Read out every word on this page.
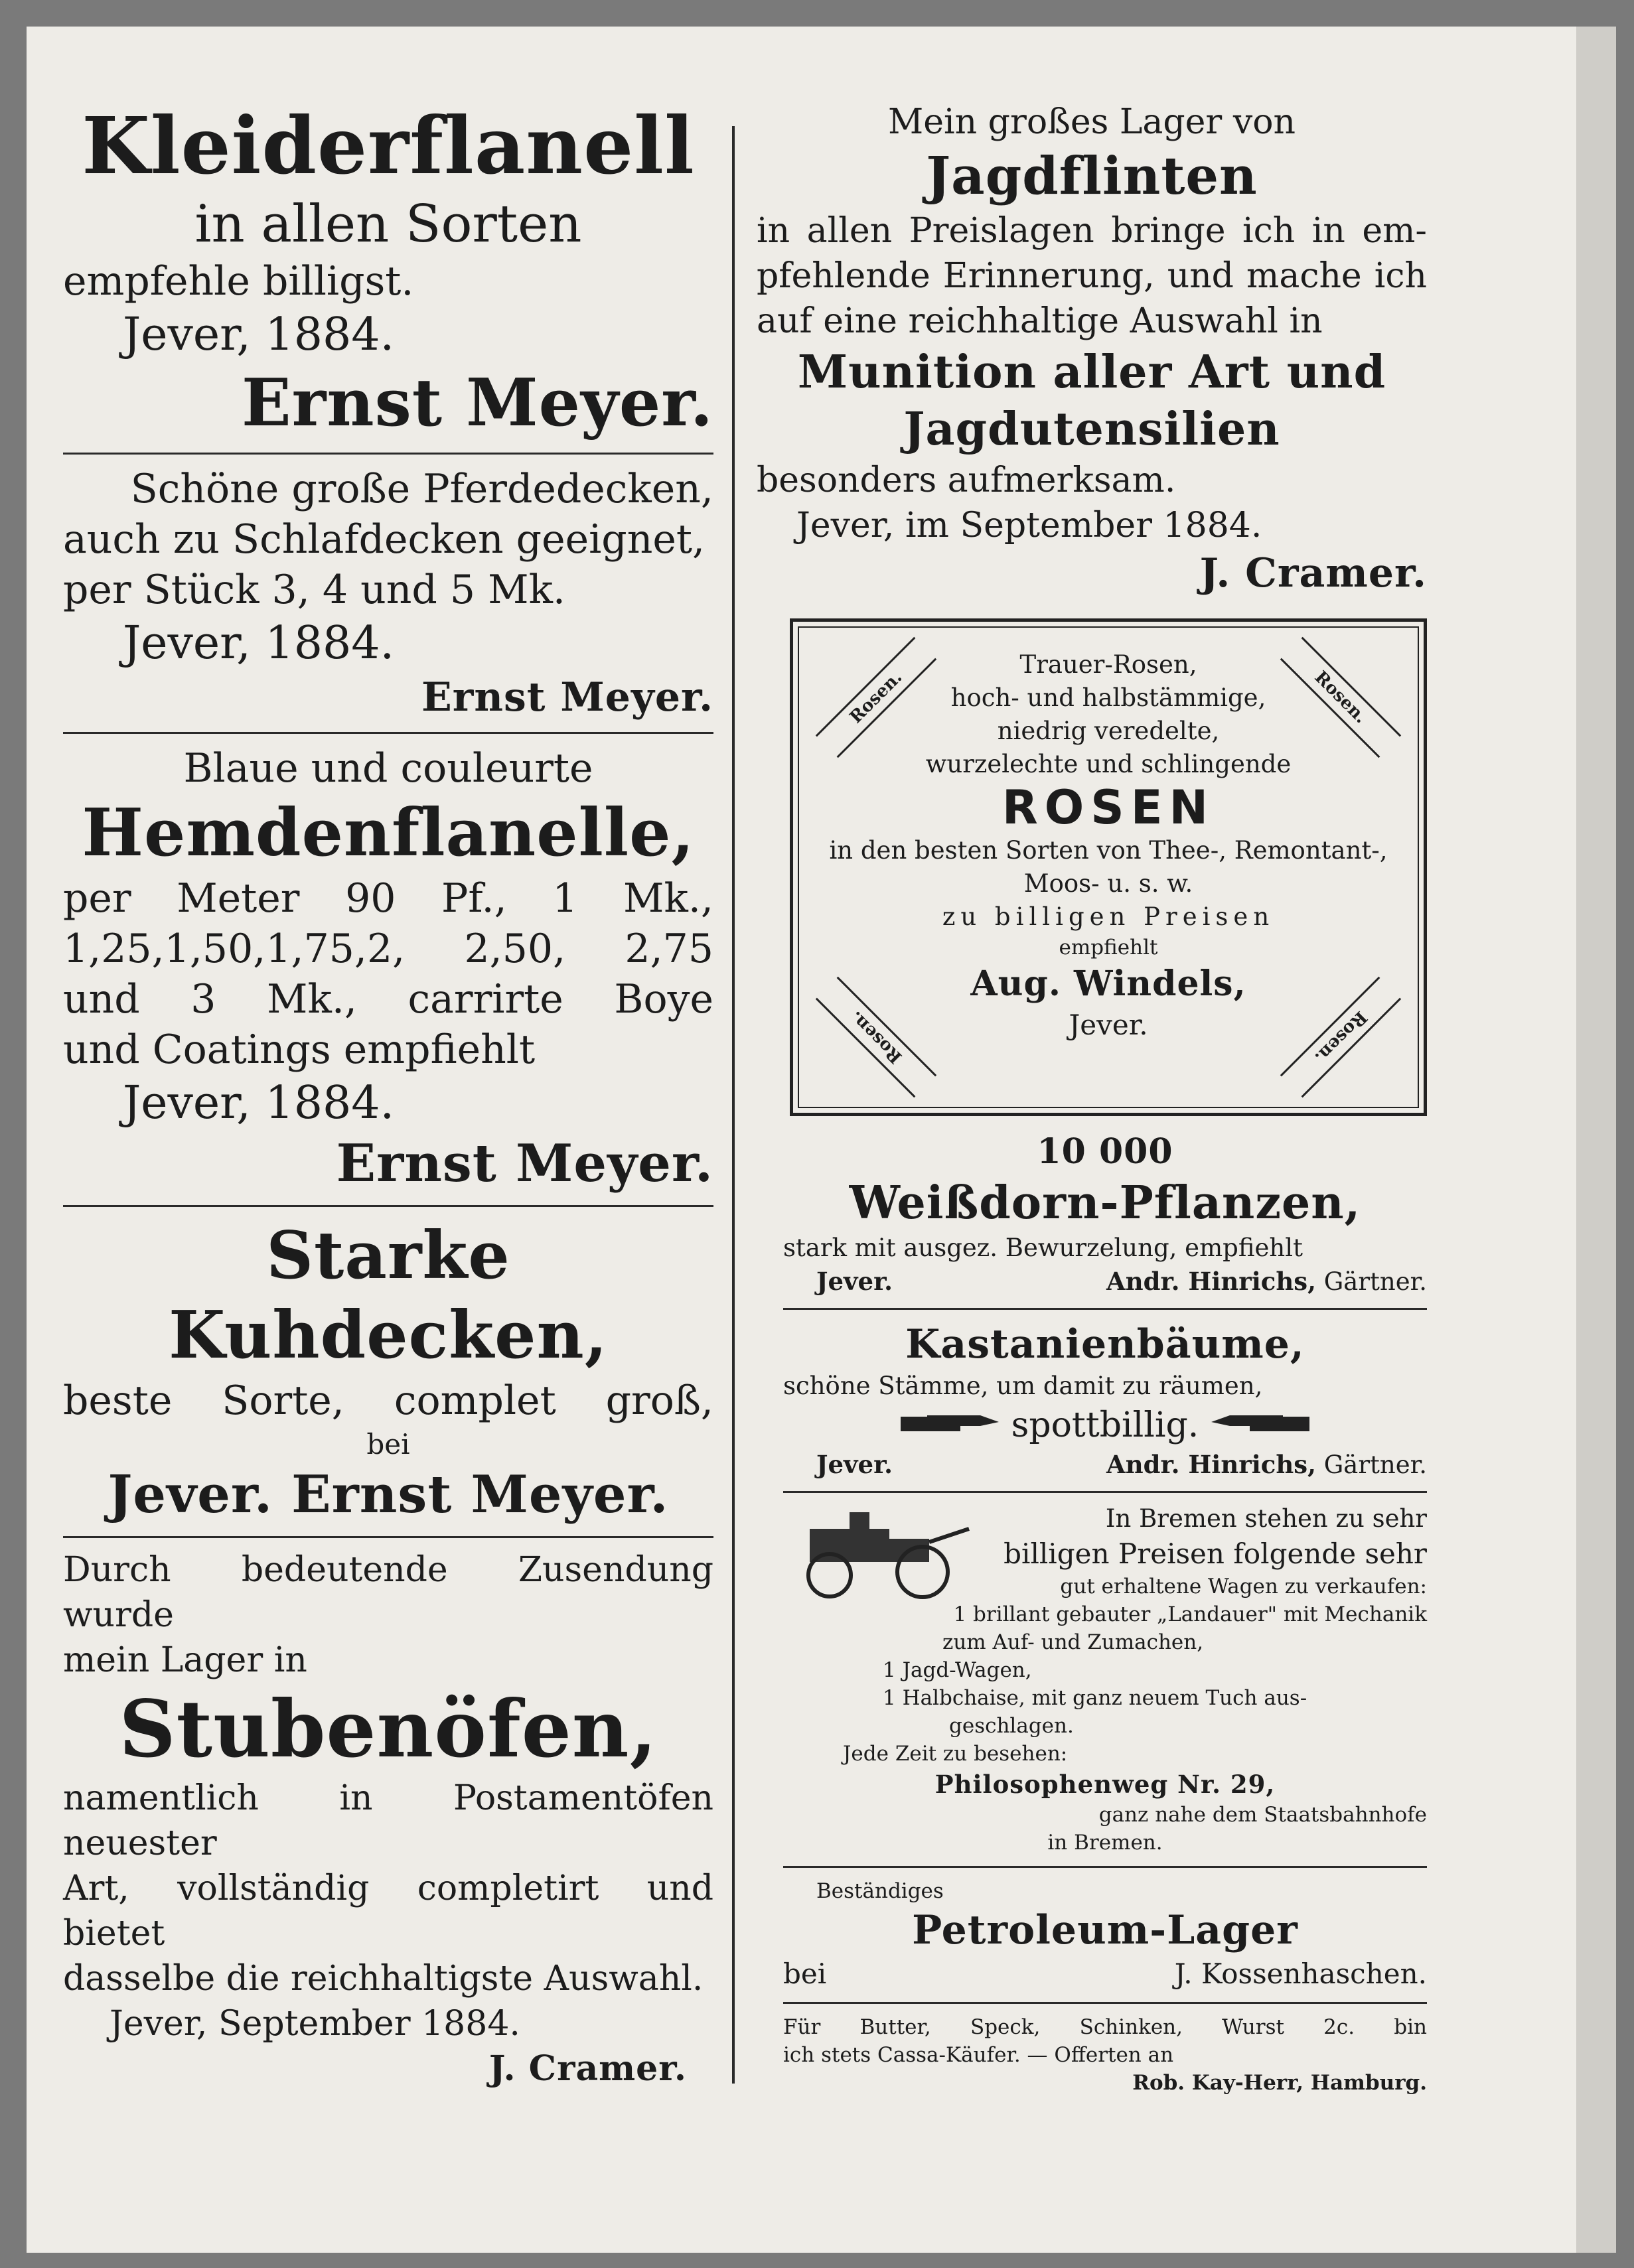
Kleiderflanell
in allen Sorten
empfehle billigst.
Jever, 1884.
Ernst Meyer.
Schöne große Pferdedecken,
auch zu Schlafdecken geeignet,
per Stück 3, 4 und 5 Mk.
Jever, 1884.
Ernst Meyer.
Blaue und couleurte
Hemdenflanelle,
per Meter 90 Pf., 1 Mk.,
1,25,1,50,1,75,2, 2,50, 2,75
und 3 Mk., carrirte Boye
und Coatings empfiehlt
Jever, 1884.
Ernst Meyer.
Starke Kuhdecken,
beste Sorte, complet groß,
bei
Jever. Ernst Meyer.
Durch bedeutende Zusendung wurde
mein Lager in
Stubenöfen,
namentlich in Postamentöfen neuester
Art, vollständig completirt und bietet
dasselbe die reichhaltigste Auswahl.
Jever, September 1884.
J. Cramer.
Mein großes Lager von
Jagdflinten
in allen Preislagen bringe ich in em-
pfehlende Erinnerung, und mache ich
auf eine reichhaltige Auswahl in
Munition aller Art und
Jagdutensilien
besonders aufmerksam.
Jever, im September 1884.
J. Cramer.
Rosen.	Rosen.
Rosen.	Rosen.
Trauer-Rosen,
hoch- und halbstämmige,
niedrig veredelte,
wurzelechte und schlingende
ROSEN
in den besten Sorten von Thee-, Remontant-,
Moos- u. s. w.
zu billigen Preisen
empfiehlt
Aug. Windels,
Jever.
10 000
Weißdorn-Pflanzen,
stark mit ausgez. Bewurzelung, empfiehlt
Jever.	Andr. Hinrichs, Gärtner.
Kastanienbäume,
schöne Stämme, um damit zu räumen,
spottbillig.
Jever.	Andr. Hinrichs, Gärtner.
In Bremen stehen zu sehr
billigen Preisen folgende sehr
gut erhaltene Wagen zu verkaufen:
1 brillant gebauter „Landauer" mit Mechanik
zum Auf- und Zumachen,
1 Jagd-Wagen,
1 Halbchaise, mit ganz neuem Tuch aus-
geschlagen.
Jede Zeit zu besehen:
Philosophenweg Nr. 29,
ganz nahe dem Staatsbahnhofe
in Bremen.
Beständiges
Petroleum-Lager
bei	J. Kossenhaschen.
Für Butter, Speck, Schinken, Wurst 2c. bin
ich stets Cassa-Käufer. — Offerten an
Rob. Kay-Herr, Hamburg.
